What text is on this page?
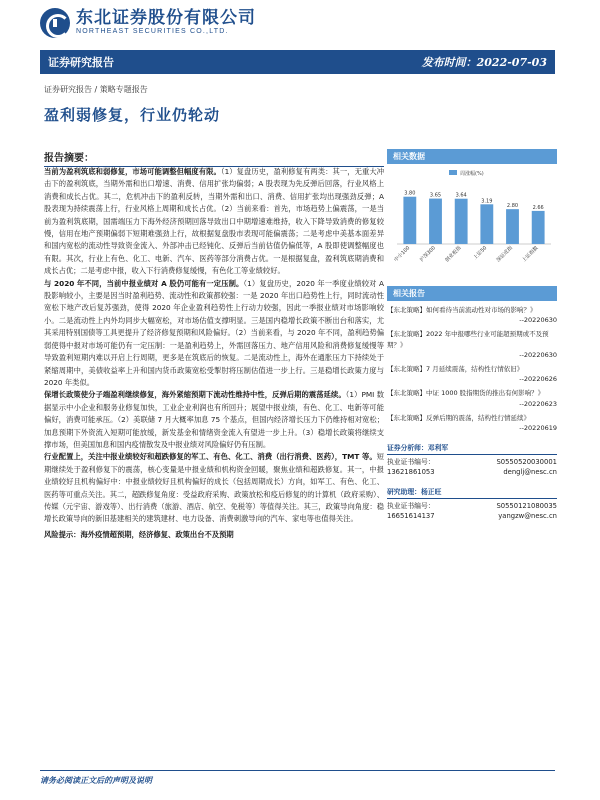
东北证券股份有限公司
NORTHEAST SECURITIES CO.,LTD.
证券研究报告	发布时间：2022-07-03
证券研究报告 / 策略专题报告
盈利弱修复，行业仍轮动
报告摘要：

当前为盈利筑底和弱修复，市场可能调整但幅度有限。（1）复盘历史，盈利修复有两类：其一，无重大冲击下的盈利筑底，当期外需和出口增速、消费、信用扩张均偏弱；A 股表现为先反弹后回落，行业风格上消费和成长占优。其二，危机冲击下的盈利反转，当期外需和出口、消费、信用扩张均出现强劲反弹；A 股表现为持续震荡上行，行业风格上周期和成长占优。（2）当前来看：首先，市场趋势上偏震荡，一是当前为盈利筑底期，国需端压力下海外经济预期回落导致出口中期增速难维持，收入下降导致消费的修复较慢，信用在地产预期偏弱下短期难强劲上行，故根据复盘股市表现可能偏震荡；二是考虑中美基本面差异和国内宽松的流动性导致资金流入、外部冲击已经钝化、反弹后当前估值仍偏低等，A 股即使调整幅度也有限。其次，行业上有色、化工、电新、汽车、医药等部分消费占优。一是根据复盘，盈利筑底期消费和成长占优；二是考虑中报，收入下行消费修复缓慢，有色化工等业绩较好。

与 2020 年不同，当前中报业绩对 A 股仍可能有一定压制。（1）复盘历史，2020 年一季度业绩较对 A 股影响较小，主要是因当时盈利趋势、流动性和政策都较强：一是 2020 年出口趋势性上行，同时流动性宽松下地产改后复苏强劲，使得 2020 年企业盈利趋势性上行动力较强，因此一季报业绩对市场影响较小。二是流动性上内外均同步大幅宽松，对市场估值支撑明显。三是国内稳增长政策不断出台和落实，尤其采用特别国债等工具更提升了经济修复预期和风险偏好。（2）当前来看，与 2020 年不同，盈利趋势偏弱使得中报对市场可能仍有一定压制：一是盈利趋势上，外需回落压力、地产信用风险和消费修复缓慢等导致盈利短期内难以开启上行周期，更多是在筑底后的恢复。二是流动性上，海外在通胀压力下持续处于紧缩周期中，美债收益率上升和国内货币政策宽松受掣肘将压制估值进一步上行。三是稳增长政策力度与 2020 年类似。

保增长政策使分子端盈利继续修复，海外紧缩预期下流动性维持中性，反弹后期的震荡延续。（1）PMI 数据显示中小企业和服务业修复加快，工业企业利润也有所回升；展望中报业绩，有色、化工、电新等可能偏好，消费可能承压。（2）美联储 7 月大概率加息 75 个基点，但国内经济增长压力下仍维持相对宽松；加息预期下外资流入短期可能放缓，新发基金和情绪资金流入有望进一步上升。（3）稳增长政策将继续支撑市场，但美国加息和国内疫情散发及中报业绩对风险偏好仍有压制。

行业配置上，关注中报业绩较好和超跌修复的军工、有色、化工、消费（出行消费、医药），TMT 等。短期继续处于盈利修复下的震荡，核心变量是中报业绩和机构资金回暖，聚焦业绩和超跌修复。其一，中报业绩较好且机构偏好中：中报业绩较好且机构偏好的成长（包括周期成长）方向，如军工、有色、化工、医药等可重点关注。其二，超跌修复角度：受益政府采购、政策放松和疫后修复的的计算机（政府采购）、传媒（元宇宙、游戏等）、出行消费（旅游、酒店、航空、免税等）等值得关注。其三，政策导向角度：稳增长政策导向的新旧基建相关的建筑建材、电力设备、消费刺激导向的汽车、家电等也值得关注。

风险提示：海外疫情超预期，经济修复、政策出台不及预期

相关数据
周涨幅(%)
3.80
中小100
3.65
沪深300
3.64
创业板指
3.19
上证50
2.80
深证成指
2.66
上证指数
相关报告
【东北策略】如何看待当前流动性对市场的影响？》
--20220630
【东北策略】2022 年中报哪些行业可能超预期或不及预期？》
--20220630
【东北策略】7 月延续震荡，结构性行情依旧》
--20220626
【东北策略】中证 1000 股指期货的推出有何影响？》
--20220623
【东北策略】反弹后期的震荡，结构性行情延续》
--20220619
证券分析师：邓利军
执业证书编号：	S0550520030001
13621861053	denglj@nesc.cn
研究助理：杨正旺
执业证书编号：	S0550121080035
16651614137	yangzw@nesc.cn
请务必阅读正文后的声明及说明
